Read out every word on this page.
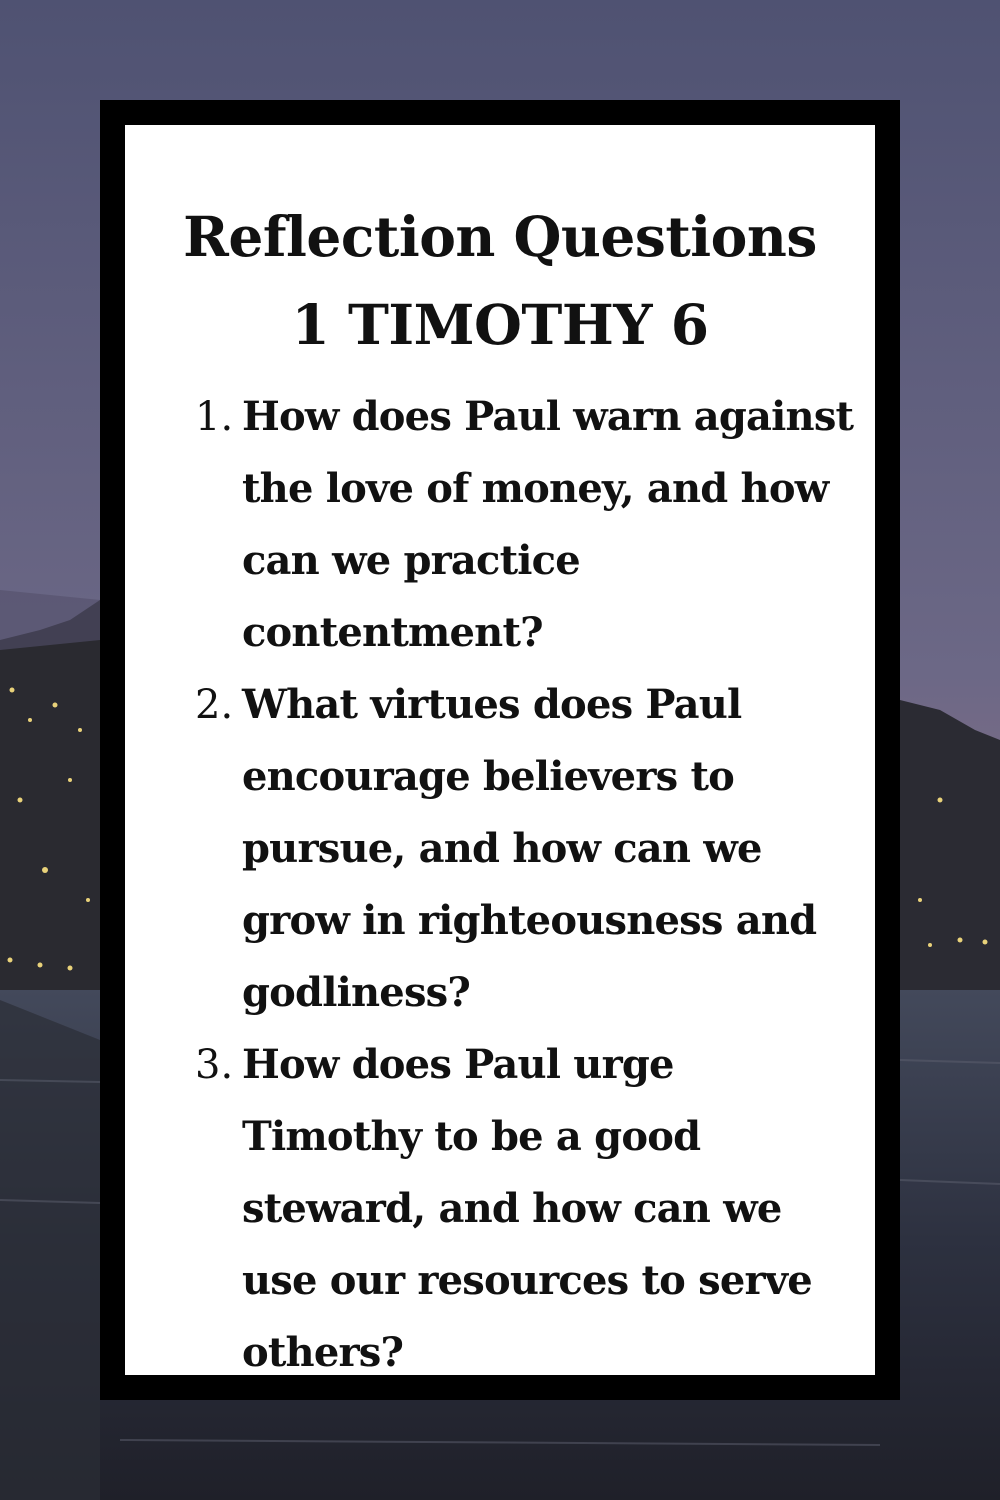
Reflection Questions
1 TIMOTHY 6
1. How does Paul warn against the love of money, and how can we practice contentment?
2. What virtues does Paul encourage believers to pursue, and how can we grow in righteousness and godliness?
3. How does Paul urge Timothy to be a good steward, and how can we use our resources to serve others?
